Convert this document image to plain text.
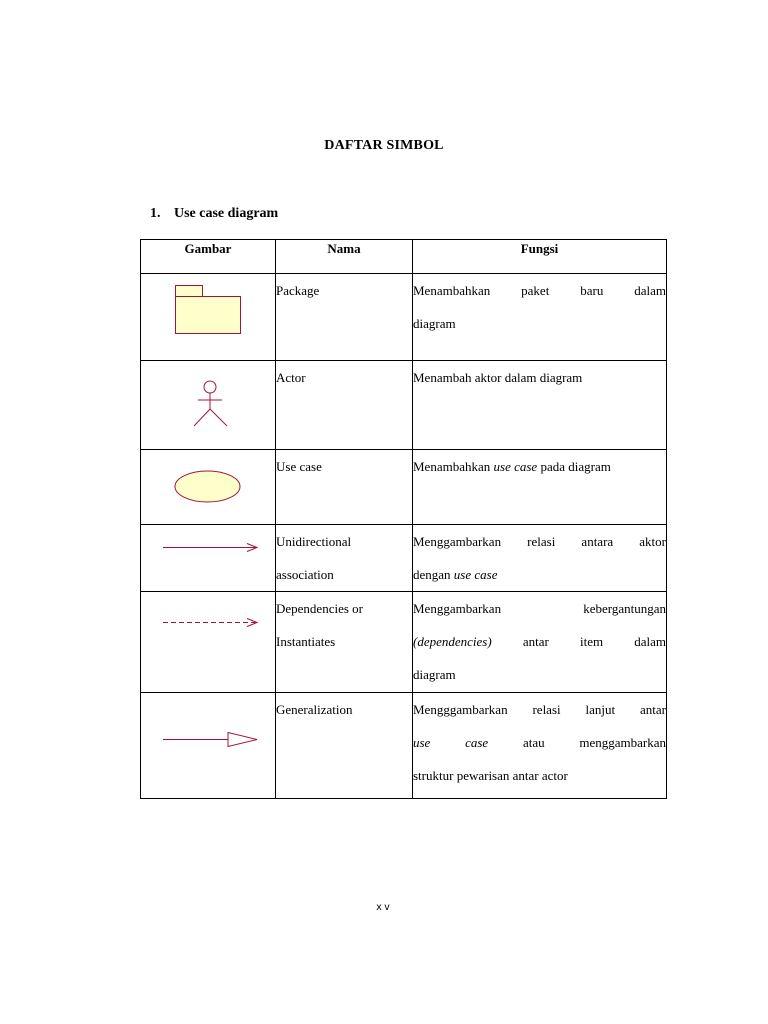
DAFTAR SIMBOL
1. Use case diagram
Gambar	Nama	Fungsi

Package	Menambahkan paket baru dalam
diagram

Actor	Menambah aktor dalam diagram

Use case	Menambahkan use case pada diagram

Unidirectional
association	Menggambarkan relasi antara aktor
dengan use case

Dependencies or
Instantiates	Menggambarkan kebergantungan
(dependencies) antar item dalam
diagram

Generalization	Mengggambarkan relasi lanjut antar
use case atau menggambarkan
struktur pewarisan antar actor
xv
